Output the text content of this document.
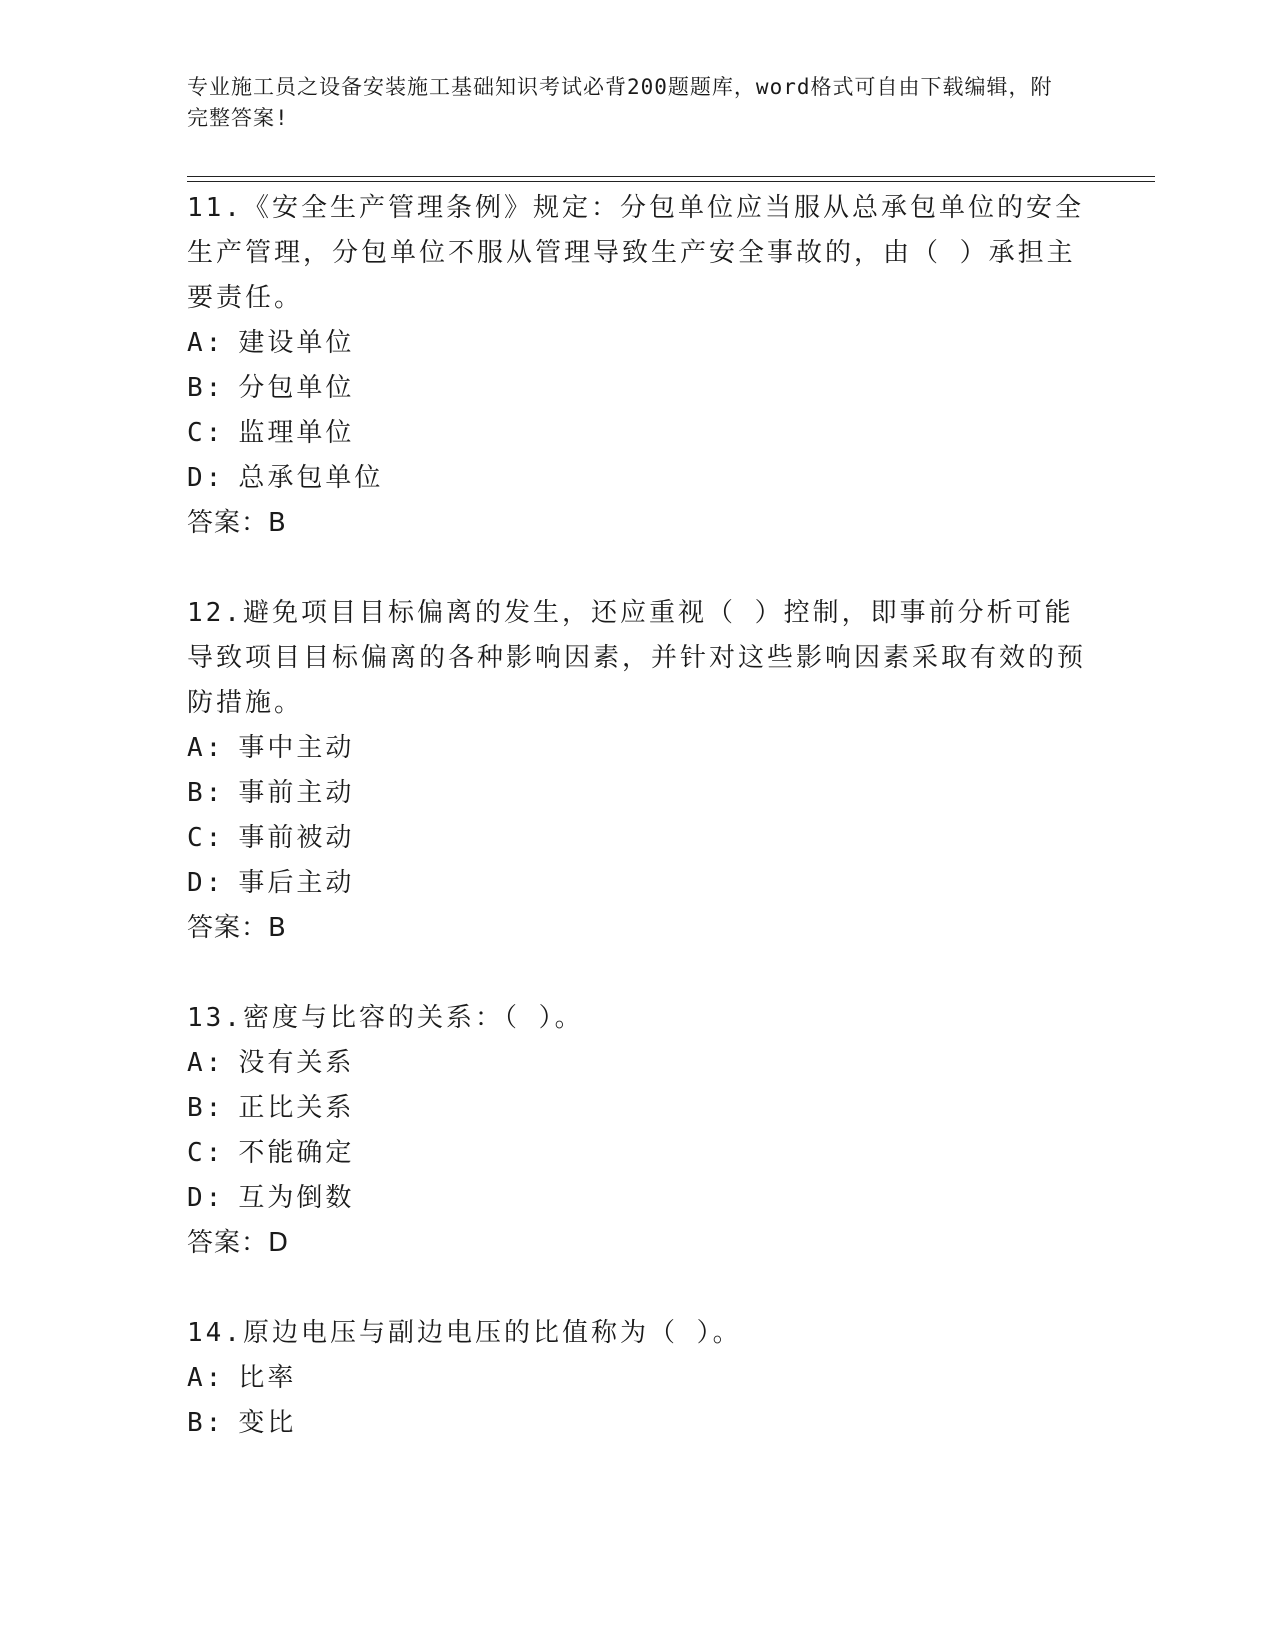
专业施工员之设备安装施工基础知识考试必背200题题库，word格式可自由下载编辑，附完整答案!

11.《安全生产管理条例》规定：分包单位应当服从总承包单位的安全生产管理，分包单位不服从管理导致生产安全事故的，由（ ）承担主要责任。

A: 建设单位

B: 分包单位

C: 监理单位

D: 总承包单位

答案：B

12.避免项目目标偏离的发生，还应重视（ ）控制，即事前分析可能导致项目目标偏离的各种影响因素，并针对这些影响因素采取有效的预防措施。

A: 事中主动

B: 事前主动

C: 事前被动

D: 事后主动

答案：B

13.密度与比容的关系：（ ）。

A: 没有关系

B: 正比关系

C: 不能确定

D: 互为倒数

答案：D

14.原边电压与副边电压的比值称为（ ）。

A: 比率

B: 变比
